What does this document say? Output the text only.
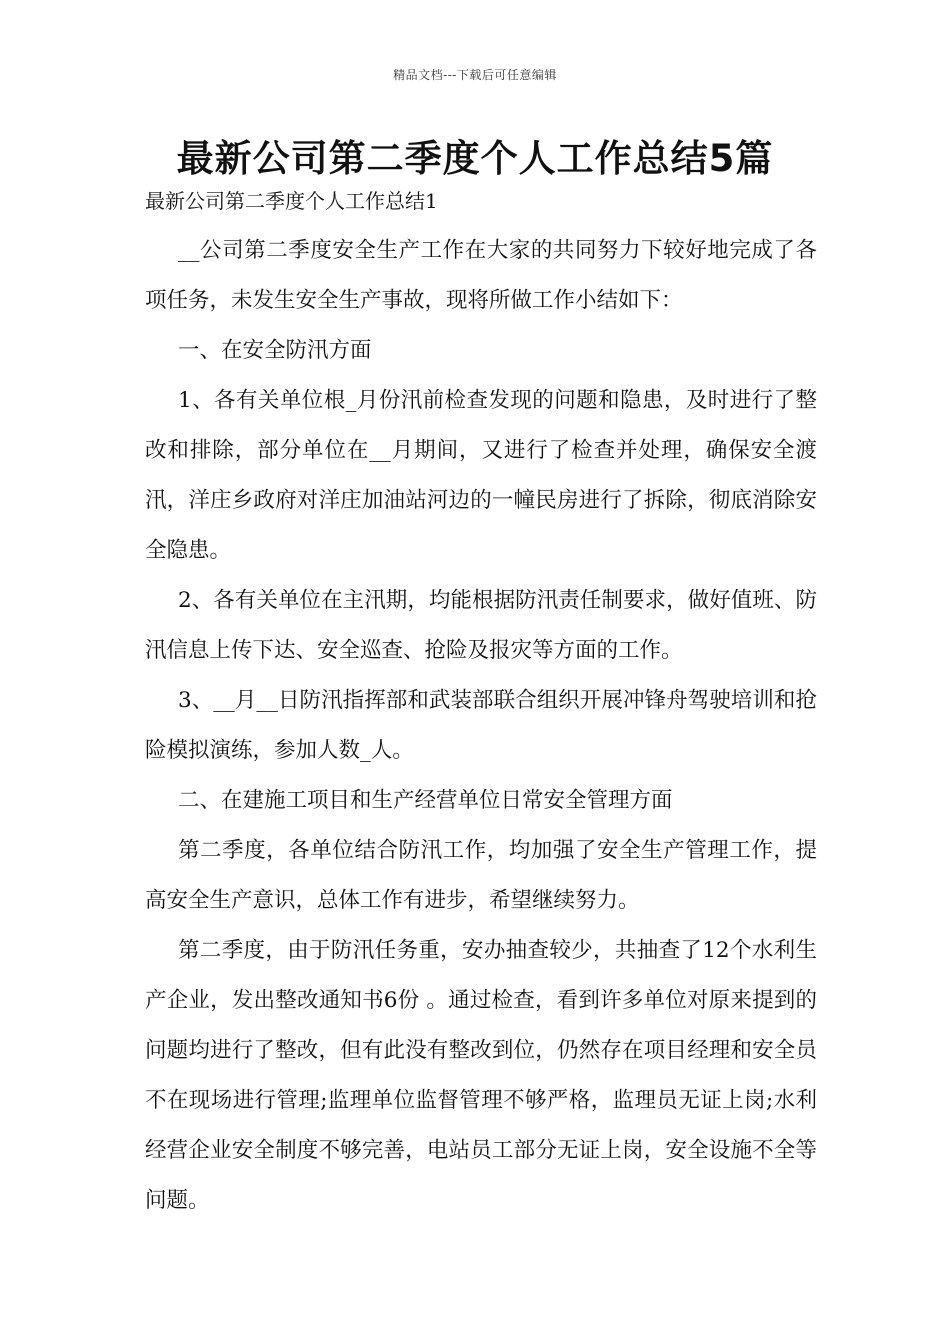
精品文档---下载后可任意编辑
最新公司第二季度个人工作总结5篇
最新公司第二季度个人工作总结1

__公司第二季度安全生产工作在大家的共同努力下较好地完成了各项任务，未发生安全生产事故，现将所做工作小结如下：

一、在安全防汛方面

1、各有关单位根_月份汛前检查发现的问题和隐患，及时进行了整改和排除，部分单位在__月期间，又进行了检查并处理，确保安全渡汛，洋庄乡政府对洋庄加油站河边的一幢民房进行了拆除，彻底消除安全隐患。

2、各有关单位在主汛期，均能根据防汛责任制要求，做好值班、防汛信息上传下达、安全巡查、抢险及报灾等方面的工作。

3、__月__日防汛指挥部和武装部联合组织开展冲锋舟驾驶培训和抢险模拟演练，参加人数_人。

二、在建施工项目和生产经营单位日常安全管理方面

第二季度，各单位结合防汛工作，均加强了安全生产管理工作，提高安全生产意识，总体工作有进步，希望继续努力。

第二季度，由于防汛任务重，安办抽查较少，共抽查了12个水利生产企业，发出整改通知书6份 。通过检查，看到许多单位对原来提到的问题均进行了整改，但有此没有整改到位，仍然存在项目经理和安全员不在现场进行管理;监理单位监督管理不够严格，监理员无证上岗;水利经营企业安全制度不够完善，电站员工部分无证上岗，安全设施不全等问题。
